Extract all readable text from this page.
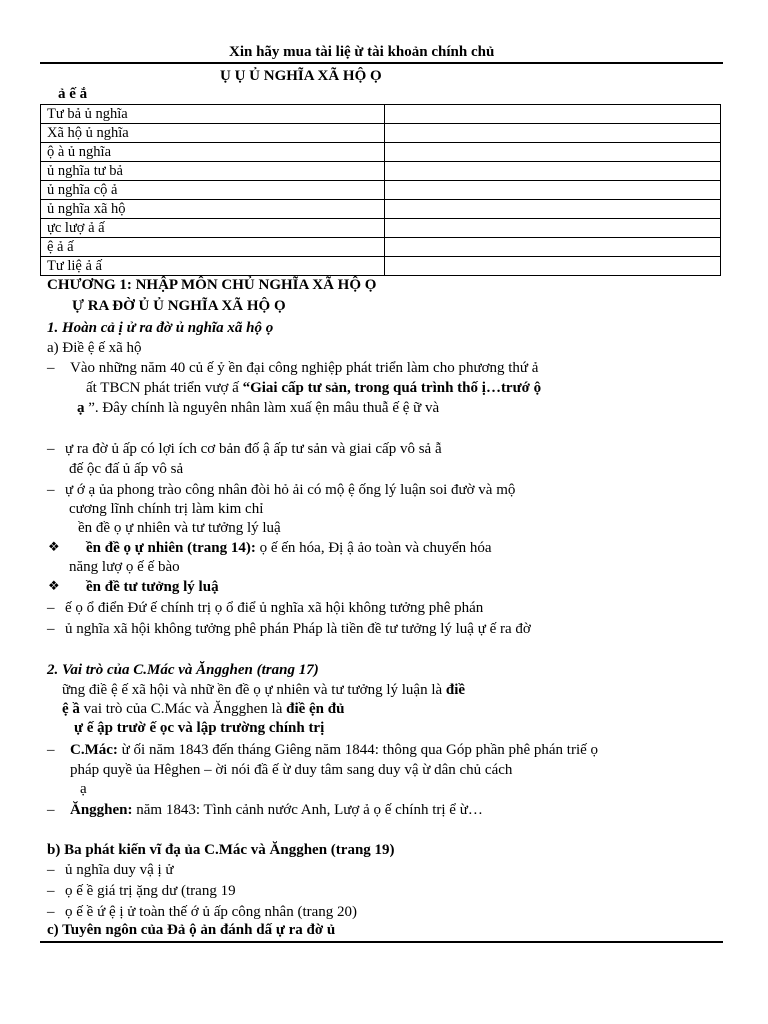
Xin hãy mua tài liệ ừ tài khoản chính chủ
Ụ Ụ Ủ NGHĨA XÃ HỘ Ọ
ả ế ắ
Tư bả ủ nghĩa	
Xã hộ ủ nghĩa	
ộ à ủ nghĩa	
ủ nghĩa tư bả	
ủ nghĩa cộ ả	
ủ nghĩa xã hộ	
ực lượ ả ấ	
ệ ả ấ	
Tư liệ ả ấ	
CHƯƠNG 1: NHẬP MÔN CHỦ NGHĨA XÃ HỘ Ọ
Ự RA ĐỜ Ủ Ủ NGHĨA XÃ HỘ Ọ
1. Hoàn cả ị ử ra đờ ủ nghĩa xã hộ ọ
a) Điề ệ ế xã hộ
– Vào những năm 40 củ ế ỷ ền đại công nghiệp phát triển làm cho phương thứ ả
ất TBCN phát triển vượ ấ “Giai cấp tư sản, trong quá trình thố ị…trướ ộ
ạ ”. Đây chính là nguyên nhân làm xuấ ện mâu thuẫ ế ệ ữ và
– ự ra đờ ủ ấp có lợi ích cơ bản đố ậ ấp tư sản và giai cấp vô sả ẫ
đế ộc đấ ủ ấp vô sả
– ự ớ ạ ủa phong trào công nhân đòi hỏ ải có mộ ệ ống lý luận soi đườ và mộ
cương lĩnh chính trị làm kim chỉ
ền đề ọ ự nhiên và tư tưởng lý luậ
❖ ền đề ọ ự nhiên (trang 14): ọ ế ến hóa, Đị ậ ảo toàn và chuyển hóa
năng lượ ọ ế ế bào
❖ ền đề tư tưởng lý luậ
– ế ọ ổ điển Đứ ế chính trị ọ ổ điể ủ nghĩa xã hội không tưởng phê phán
– ủ nghĩa xã hội không tưởng phê phán Pháp là tiền đề tư tưởng lý luậ ự ế ra đờ
2. Vai trò của C.Mác và Ăngghen (trang 17)
ững điề ệ ế xã hội và nhữ ền đề ọ ự nhiên và tư tưởng lý luận là điề
ệ ầ vai trò của C.Mác và Ăngghen là điề ện đủ
ự ế ập trườ ế ọc và lập trường chính trị
– C.Mác: ừ ối năm 1843 đến tháng Giêng năm 1844: thông qua Góp phần phê phán triế ọ
pháp quyề ủa Hêghen – ời nói đầ ế ừ duy tâm sang duy vậ ừ dân chủ cách
ạ
– Ăngghen: năm 1843: Tình cảnh nước Anh, Lượ ả ọ ế chính trị ể ừ…
b) Ba phát kiến vĩ đạ ủa C.Mác và Ăngghen (trang 19)
– ủ nghĩa duy vậ ị ử
– ọ ế ề giá trị ặng dư (trang 19
– ọ ế ề ứ ệ ị ử toàn thế ớ ủ ấp công nhân (trang 20)
c) Tuyên ngôn của Đả ộ ản đánh dấ ự ra đờ ủ
